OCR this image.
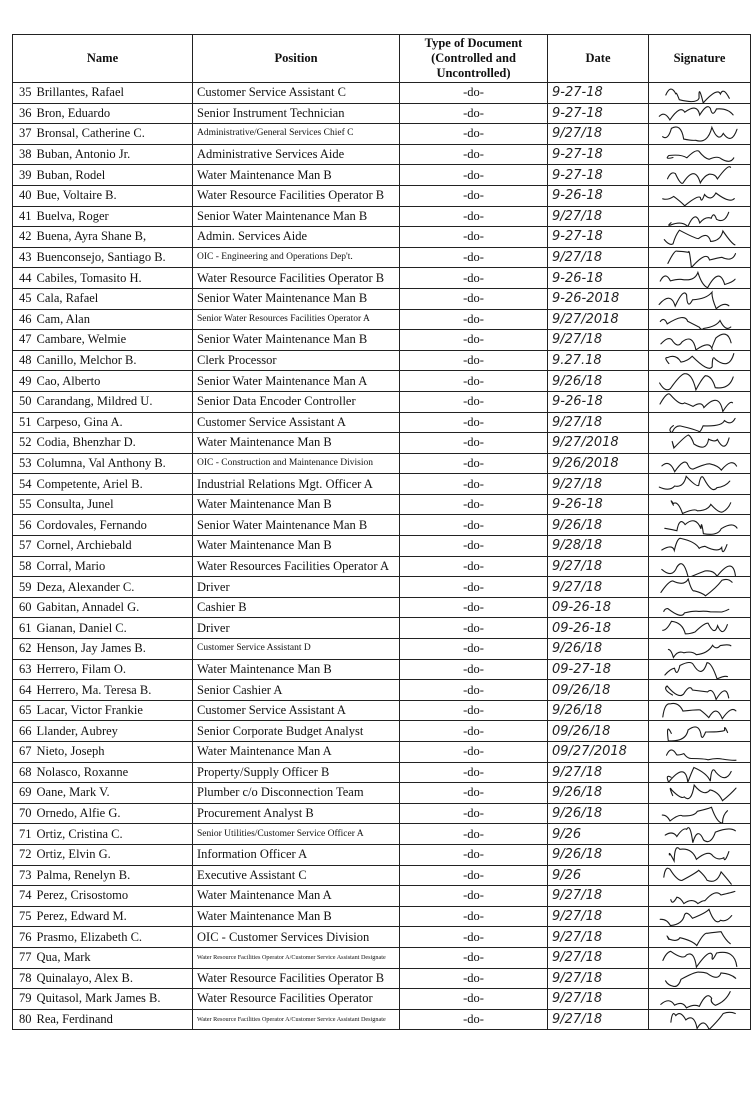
Name		Position	Type of Document (Controlled and Uncontrolled)	Date	Signature
35	Brillantes, Rafael	Customer Service Assistant C	-do-	9-27-18	

36	Bron, Eduardo	Senior Instrument Technician	-do-	9-27-18	

37	Bronsal, Catherine C.	Administrative/General Services Chief C	-do-	9/27/18	

38	Buban, Antonio Jr.	Administrative Services Aide	-do-	9-27-18	

39	Buban, Rodel	Water Maintenance Man B	-do-	9-27-18	

40	Bue, Voltaire B.	Water Resource Facilities Operator B	-do-	9-26-18	

41	Buelva, Roger	Senior Water Maintenance Man B	-do-	9/27/18	

42	Buena, Ayra Shane B,	Admin. Services Aide	-do-	9-27-18	

43	Buenconsejo, Santiago B.	OIC - Engineering and Operations Dep't.	-do-	9/27/18	

44	Cabiles, Tomasito H.	Water Resource Facilities Operator B	-do-	9-26-18	

45	Cala, Rafael	Senior Water Maintenance Man B	-do-	9-26-2018	

46	Cam, Alan	Senior Water Resources Facilities Operator A	-do-	9/27/2018	

47	Cambare, Welmie	Senior Water Maintenance Man B	-do-	9/27/18	

48	Canillo, Melchor B.	Clerk Processor	-do-	9.27.18	

49	Cao, Alberto	Senior Water Maintenance Man A	-do-	9/26/18	

50	Carandang, Mildred U.	Senior Data Encoder Controller	-do-	9-26-18	

51	Carpeso, Gina A.	Customer Service Assistant A	-do-	9/27/18	

52	Codia, Bhenzhar D.	Water Maintenance Man B	-do-	9/27/2018	

53	Columna, Val Anthony B.	OIC - Construction and Maintenance Division	-do-	9/26/2018	

54	Competente, Ariel B.	Industrial Relations Mgt. Officer A	-do-	9/27/18	

55	Consulta, Junel	Water Maintenance Man B	-do-	9-26-18	

56	Cordovales, Fernando	Senior Water Maintenance Man B	-do-	9/26/18	

57	Cornel, Archiebald	Water Maintenance Man B	-do-	9/28/18	

58	Corral, Mario	Water Resources Facilities Operator A	-do-	9/27/18	

59	Deza, Alexander C.	Driver	-do-	9/27/18	

60	Gabitan, Annadel G.	Cashier B	-do-	09-26-18	

61	Gianan, Daniel C.	Driver	-do-	09-26-18	

62	Henson, Jay James B.	Customer Service Assistant D	-do-	9/26/18	

63	Herrero, Filam O.	Water Maintenance Man B	-do-	09-27-18	

64	Herrero, Ma. Teresa B.	Senior Cashier A	-do-	09/26/18	

65	Lacar, Victor Frankie	Customer Service Assistant A	-do-	9/26/18	

66	Llander, Aubrey	Senior Corporate Budget Analyst	-do-	09/26/18	

67	Nieto, Joseph	Water Maintenance Man A	-do-	09/27/2018	

68	Nolasco, Roxanne	Property/Supply Officer B	-do-	9/27/18	

69	Oane, Mark V.	Plumber c/o Disconnection Team	-do-	9/26/18	

70	Ornedo, Alfie G.	Procurement Analyst B	-do-	9/26/18	

71	Ortiz, Cristina C.	Senior Utilities/Customer Service Officer A	-do-	9/26	

72	Ortiz, Elvin G.	Information Officer A	-do-	9/26/18	

73	Palma, Renelyn B.	Executive Assistant C	-do-	9/26	

74	Perez, Crisostomo	Water Maintenance Man A	-do-	9/27/18	

75	Perez, Edward M.	Water Maintenance Man B	-do-	9/27/18	

76	Prasmo, Elizabeth C.	OIC - Customer Services Division	-do-	9/27/18	

77	Qua, Mark	Water Resource Facilities Operator A/Customer Service Assistant Designate	-do-	9/27/18	

78	Quinalayo, Alex B.	Water Resource Facilities Operator B	-do-	9/27/18	

79	Quitasol, Mark James B.	Water Resource Facilities Operator	-do-	9/27/18	

80	Rea, Ferdinand	Water Resource Facilities Operator A/Customer Service Assistant Designate	-do-	9/27/18	
